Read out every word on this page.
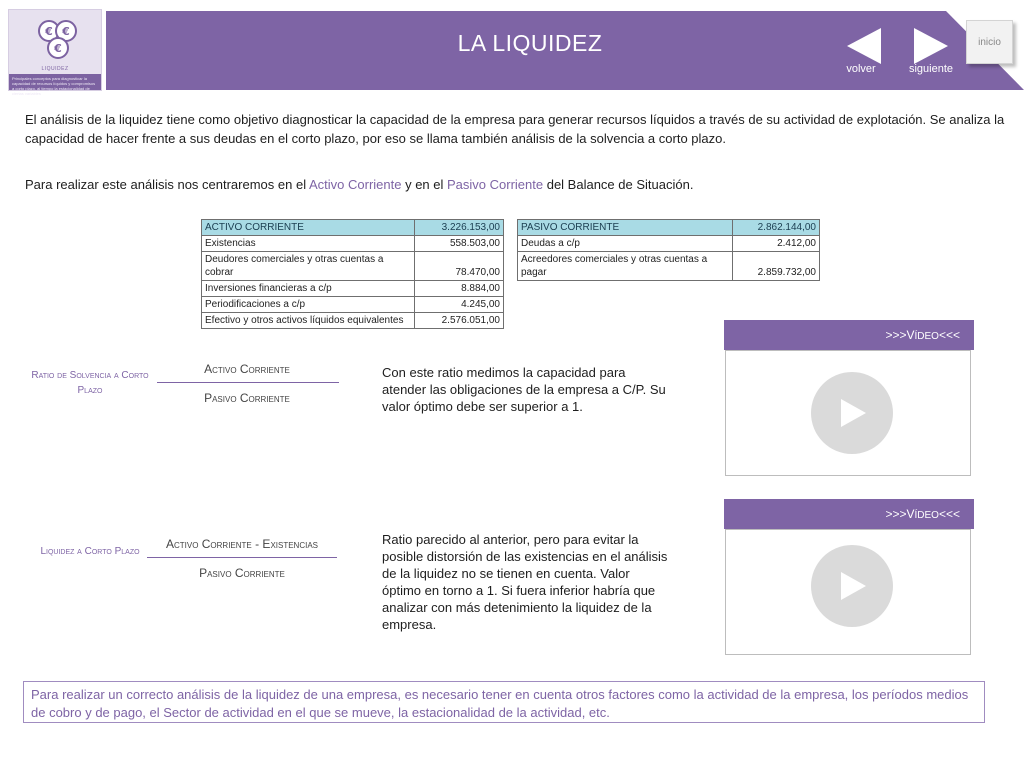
€ €
€
LIQUIDEZ
Principales conceptos para diagnosticar la capacidad de recursos líquidos y compromisos a corto plazo, al tiempo la estacionalidad de ciertas variables
LA LIQUIDEZ
volver	siguiente
inicio
El análisis de la liquidez tiene como objetivo diagnosticar la capacidad de la empresa para generar recursos líquidos a través de su actividad de explotación. Se analiza la capacidad de hacer frente a sus deudas en el corto plazo, por eso se llama también análisis de la solvencia a corto plazo.
Para realizar este análisis nos centraremos en el Activo Corriente y en el Pasivo Corriente del Balance de Situación.
ACTIVO CORRIENTE	3.226.153,00
Existencias	558.503,00
Deudores comerciales y otras cuentas a cobrar	78.470,00
Inversiones financieras a c/p	8.884,00
Periodificaciones a c/p	4.245,00
Efectivo y otros activos líquidos equivalentes	2.576.051,00
PASIVO CORRIENTE	2.862.144,00
Deudas a c/p	2.412,00
Acreedores comerciales y otras cuentas a pagar	2.859.732,00
Ratio de Solvencia a Corto Plazo
Activo Corriente
Pasivo Corriente
Con este ratio medimos la capacidad para atender las obligaciones de la empresa a C/P. Su valor óptimo debe ser superior a 1.
Liquidez a Corto Plazo
Activo Corriente - Existencias
Pasivo Corriente
Ratio parecido al anterior, pero para evitar la posible distorsión de las existencias en el análisis de la liquidez no se tienen en cuenta. Valor óptimo en torno a 1. Si fuera inferior habría que analizar con más detenimiento la liquidez de la empresa.
>>>VÍDEO<<<
>>>VÍDEO<<<
Para realizar un correcto análisis de la liquidez de una empresa, es necesario tener en cuenta otros factores como la actividad de la empresa, los períodos medios de cobro y de pago, el Sector de actividad en el que se mueve, la estacionalidad de la actividad, etc.
